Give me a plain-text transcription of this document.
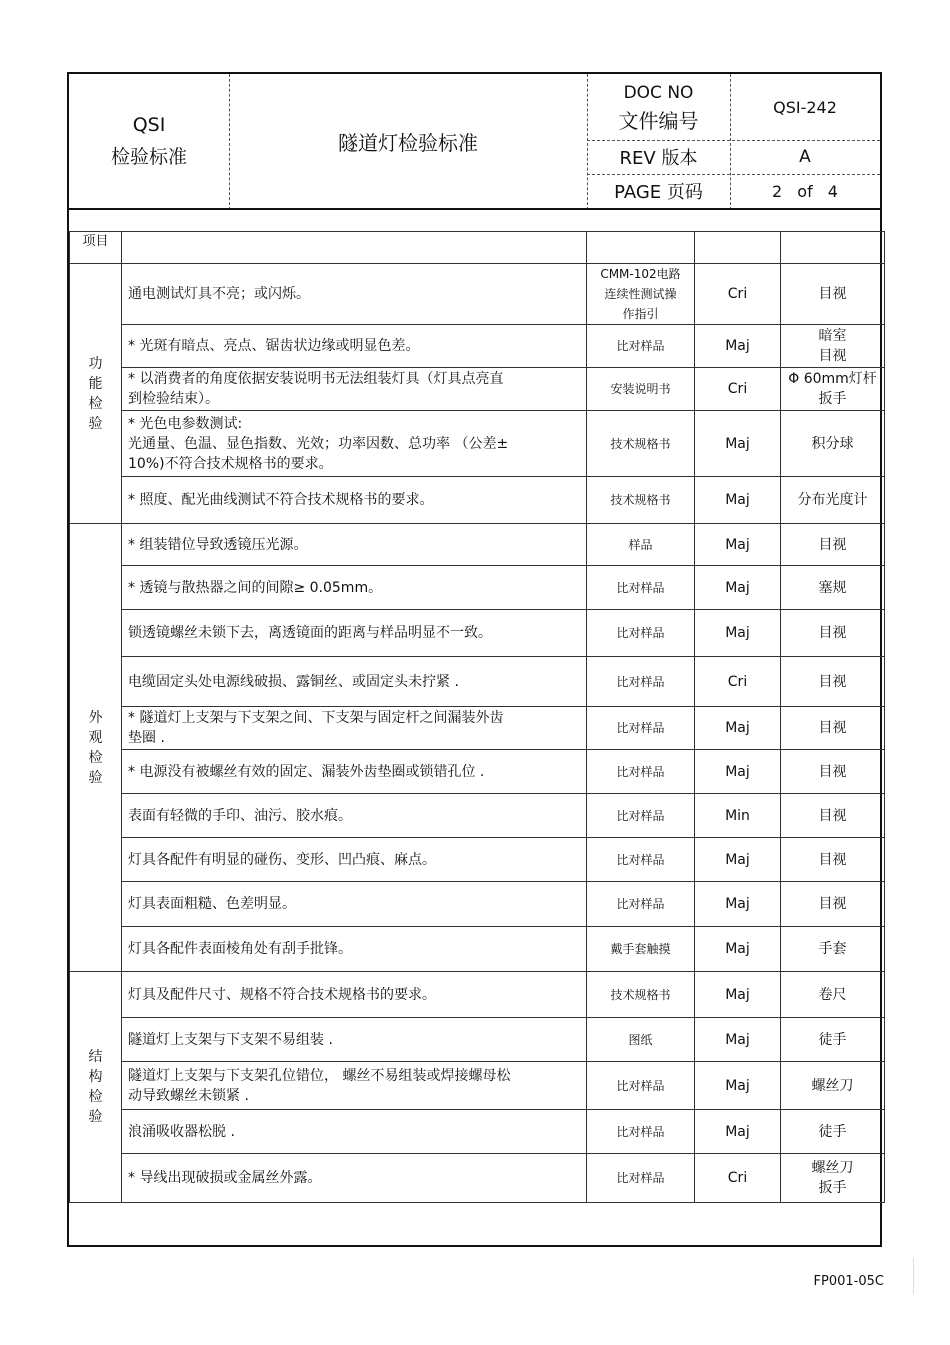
QSI
检验标准
隧道灯检验标准
DOC NO
文件编号
QSI-242
REV 版本	A
PAGE 页码	2 of 4
项目				
功
能
检
验	通电测试灯具不亮；或闪烁。	CMM-102电路
连续性测试操
作指引	Cri	目视
	* 光斑有暗点、亮点、锯齿状边缘或明显色差。	比对样品	Maj	暗室
目视
	* 以消费者的角度依据安装说明书无法组装灯具（灯具点亮直
到检验结束）。	安装说明书	Cri	Φ 60mm灯杆
扳手
	* 光色电参数测试:
光通量、色温、显色指数、光效；功率因数、总功率 （公差±
10%)不符合技术规格书的要求。	技术规格书	Maj	积分球
	* 照度、配光曲线测试不符合技术规格书的要求。	技术规格书	Maj	分布光度计
外
观
检
验	* 组装错位导致透镜压光源。	样品	Maj	目视
	* 透镜与散热器之间的间隙≥ 0.05mm。	比对样品	Maj	塞规
	锁透镜螺丝未锁下去，离透镜面的距离与样品明显不一致。	比对样品	Maj	目视
	电缆固定头处电源线破损、露铜丝、或固定头未拧紧 .	比对样品	Cri	目视
	* 隧道灯上支架与下支架之间、下支架与固定杆之间漏装外齿
垫圈 .	比对样品	Maj	目视
	* 电源没有被螺丝有效的固定、漏装外齿垫圈或锁错孔位 .	比对样品	Maj	目视
	表面有轻微的手印、油污、胶水痕。	比对样品	Min	目视
	灯具各配件有明显的碰伤、变形、凹凸痕、麻点。	比对样品	Maj	目视
	灯具表面粗糙、色差明显。	比对样品	Maj	目视
	灯具各配件表面棱角处有刮手批锋。	戴手套触摸	Maj	手套
结
构
检
验	灯具及配件尺寸、规格不符合技术规格书的要求。	技术规格书	Maj	卷尺
	隧道灯上支架与下支架不易组装 .	图纸	Maj	徒手
	隧道灯上支架与下支架孔位错位， 螺丝不易组装或焊接螺母松
动导致螺丝未锁紧 .	比对样品	Maj	螺丝刀
	浪涌吸收器松脱 .	比对样品	Maj	徒手
	* 导线出现破损或金属丝外露。	比对样品	Cri	螺丝刀
扳手
FP001-05C
